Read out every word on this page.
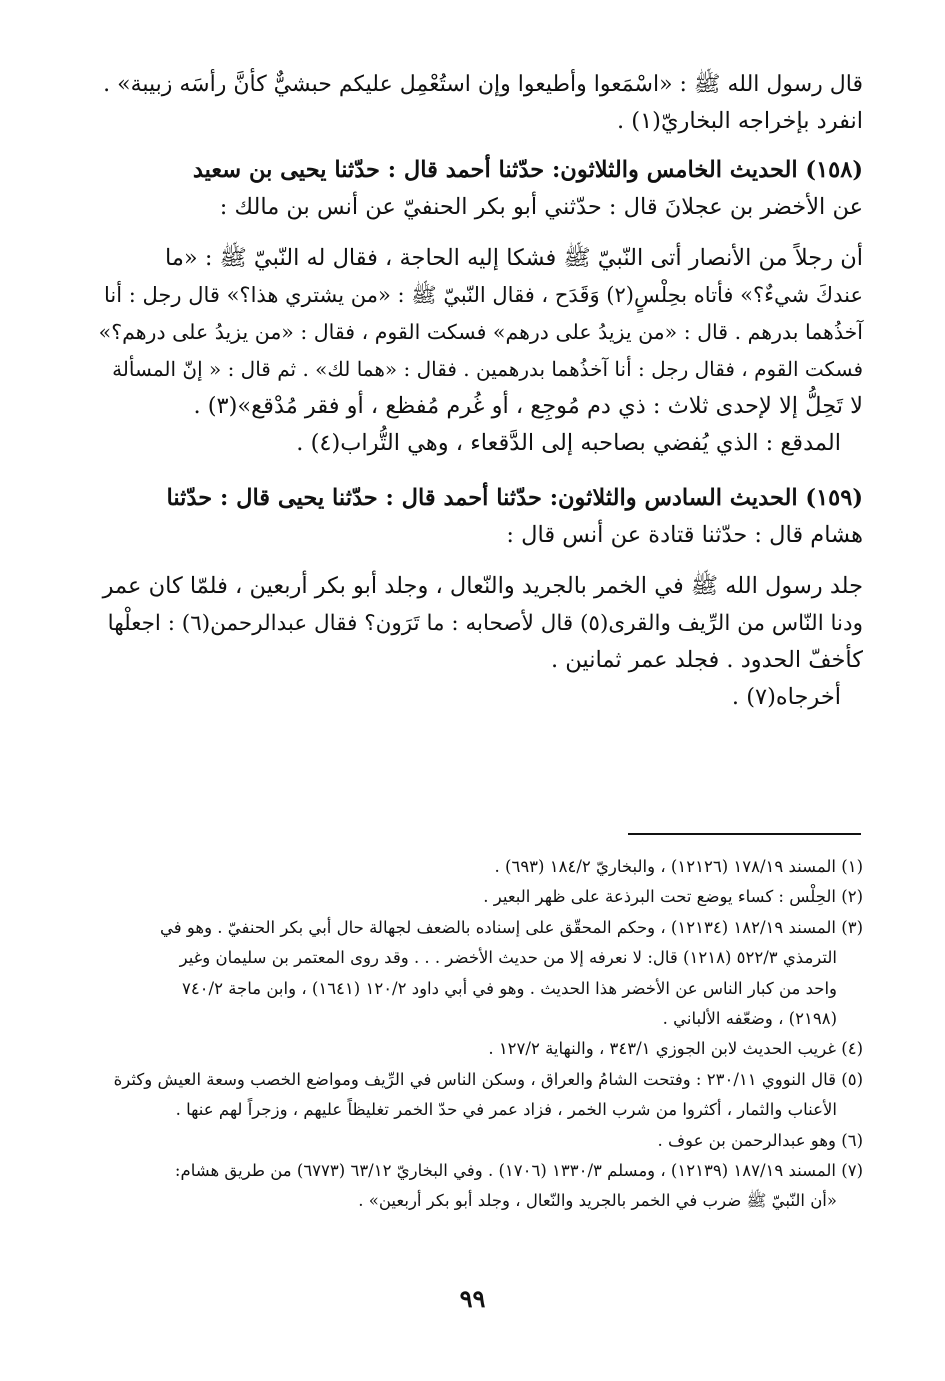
قال رسول الله ﷺ : «اسْمَعوا وأطيعوا وإن استُعْمِل عليكم حبشيٌّ كأنَّ رأسَه زبيبة» .
انفرد بإخراجه البخاريّ(١) .
(١٥٨) الحديث الخامس والثلاثون: حدّثنا أحمد قال : حدّثنا يحيى بن سعيد
عن الأخضر بن عجلانَ قال : حدّثني أبو بكر الحنفيّ عن أنس بن مالك :
أن رجلاً من الأنصار أتى النّبيّ ﷺ فشكا إليه الحاجة ، فقال له النّبيّ ﷺ : «ما
عندكَ شيءٌ؟» فأتاه بحِلْسٍ(٢) وَقَدَح ، فقال النّبيّ ﷺ : «من يشتري هذا؟» قال رجل : أنا
آخذُهما بدرهم . قال : «من يزيدُ على درهم» فسكت القوم ، فقال : «من يزيدُ على درهم؟»
فسكت القوم ، فقال رجل : أنا آخذُهما بدرهمين . فقال : «هما لك» . ثم قال : « إنّ المسألة
لا تَحِلُّ إلا لإحدى ثلاث : ذي دم مُوجِع ، أو غُرم مُفظع ، أو فقر مُدْقع»(٣) .
المدقع : الذي يُفضي بصاحبه إلى الدَّقعاء ، وهي التُّراب(٤) .
(١٥٩) الحديث السادس والثلاثون: حدّثنا أحمد قال : حدّثنا يحيى قال : حدّثنا
هشام قال : حدّثنا قتادة عن أنس قال :
جلد رسول الله ﷺ في الخمر بالجريد والنّعال ، وجلد أبو بكر أربعين ، فلمّا كان عمر
ودنا النّاس من الرِّيف والقرى(٥) قال لأصحابه : ما تَرَون؟ فقال عبدالرحمن(٦) : اجعلْها
كأخفّ الحدود . فجلد عمر ثمانين .
أخرجاه(٧) .
(١) المسند ١٧٨/١٩ (١٢١٢٦) ، والبخاريّ ١٨٤/٢ (٦٩٣) .
(٢) الحِلْس : كساء يوضع تحت البرذعة على ظهر البعير .
(٣) المسند ١٨٢/١٩ (١٢١٣٤) ، وحكم المحقّق على إسناده بالضعف لجهالة حال أبي بكر الحنفيّ . وهو في
الترمذي ٥٢٢/٣ (١٢١٨) قال: لا نعرفه إلا من حديث الأخضر . . . وقد روى المعتمر بن سليمان وغير
واحد من كبار الناس عن الأخضر هذا الحديث . وهو في أبي داود ١٢٠/٢ (١٦٤١) ، وابن ماجة ٧٤٠/٢
(٢١٩٨) ، وضعّفه الألباني .
(٤) غريب الحديث لابن الجوزي ٣٤٣/١ ، والنهاية ١٢٧/٢ .
(٥) قال النووي ٢٣٠/١١ : وفتحت الشامُ والعراق ، وسكن الناس في الرِّيف ومواضع الخصب وسعة العيش وكثرة
الأعناب والثمار ، أكثروا من شرب الخمر ، فزاد عمر في حدّ الخمر تغليظاً عليهم ، وزجراً لهم عنها .
(٦) وهو عبدالرحمن بن عوف .
(٧) المسند ١٨٧/١٩ (١٢١٣٩) ، ومسلم ١٣٣٠/٣ (١٧٠٦) . وفي البخاريّ ٦٣/١٢ (٦٧٧٣) من طريق هشام:
«أن النّبيّ ﷺ ضرب في الخمر بالجريد والنّعال ، وجلد أبو بكر أربعين» .
٩٩
